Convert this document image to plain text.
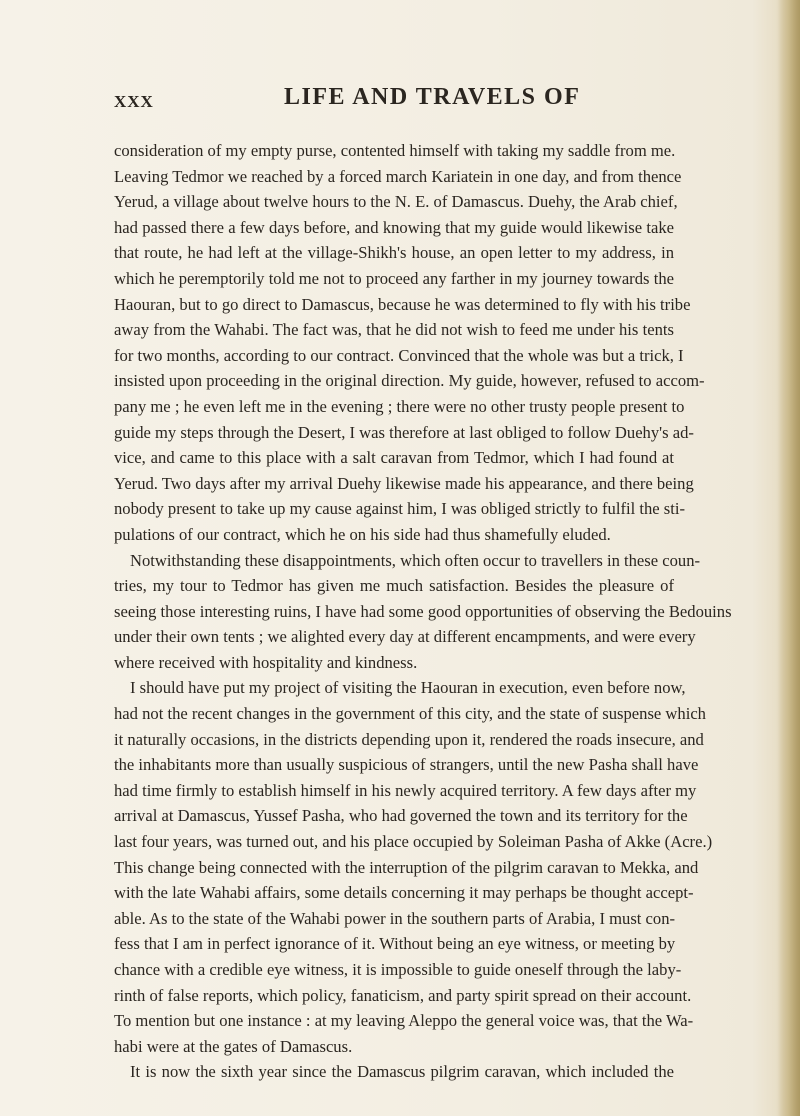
XXX	LIFE AND TRAVELS OF
consideration of my empty purse, contented himself with taking my saddle from me.
Leaving Tedmor we reached by a forced march Kariatein in one day, and from thence
Yerud, a village about twelve hours to the N. E. of Damascus. Duehy, the Arab chief,
had passed there a few days before, and knowing that my guide would likewise take
that route, he had left at the village-Shikh's house, an open letter to my address, in
which he peremptorily told me not to proceed any farther in my journey towards the
Haouran, but to go direct to Damascus, because he was determined to fly with his tribe
away from the Wahabi. The fact was, that he did not wish to feed me under his tents
for two months, according to our contract. Convinced that the whole was but a trick, I
insisted upon proceeding in the original direction. My guide, however, refused to accom-
pany me ; he even left me in the evening ; there were no other trusty people present to
guide my steps through the Desert, I was therefore at last obliged to follow Duehy's ad-
vice, and came to this place with a salt caravan from Tedmor, which I had found at
Yerud. Two days after my arrival Duehy likewise made his appearance, and there being
nobody present to take up my cause against him, I was obliged strictly to fulfil the sti-
pulations of our contract, which he on his side had thus shamefully eluded.
Notwithstanding these disappointments, which often occur to travellers in these coun-
tries, my tour to Tedmor has given me much satisfaction. Besides the pleasure of
seeing those interesting ruins, I have had some good opportunities of observing the Bedouins
under their own tents ; we alighted every day at different encampments, and were every
where received with hospitality and kindness.
I should have put my project of visiting the Haouran in execution, even before now,
had not the recent changes in the government of this city, and the state of suspense which
it naturally occasions, in the districts depending upon it, rendered the roads insecure, and
the inhabitants more than usually suspicious of strangers, until the new Pasha shall have
had time firmly to establish himself in his newly acquired territory. A few days after my
arrival at Damascus, Yussef Pasha, who had governed the town and its territory for the
last four years, was turned out, and his place occupied by Soleiman Pasha of Akke (Acre.)
This change being connected with the interruption of the pilgrim caravan to Mekka, and
with the late Wahabi affairs, some details concerning it may perhaps be thought accept-
able. As to the state of the Wahabi power in the southern parts of Arabia, I must con-
fess that I am in perfect ignorance of it. Without being an eye witness, or meeting by
chance with a credible eye witness, it is impossible to guide oneself through the laby-
rinth of false reports, which policy, fanaticism, and party spirit spread on their account.
To mention but one instance : at my leaving Aleppo the general voice was, that the Wa-
habi were at the gates of Damascus.
It is now the sixth year since the Damascus pilgrim caravan, which included the
